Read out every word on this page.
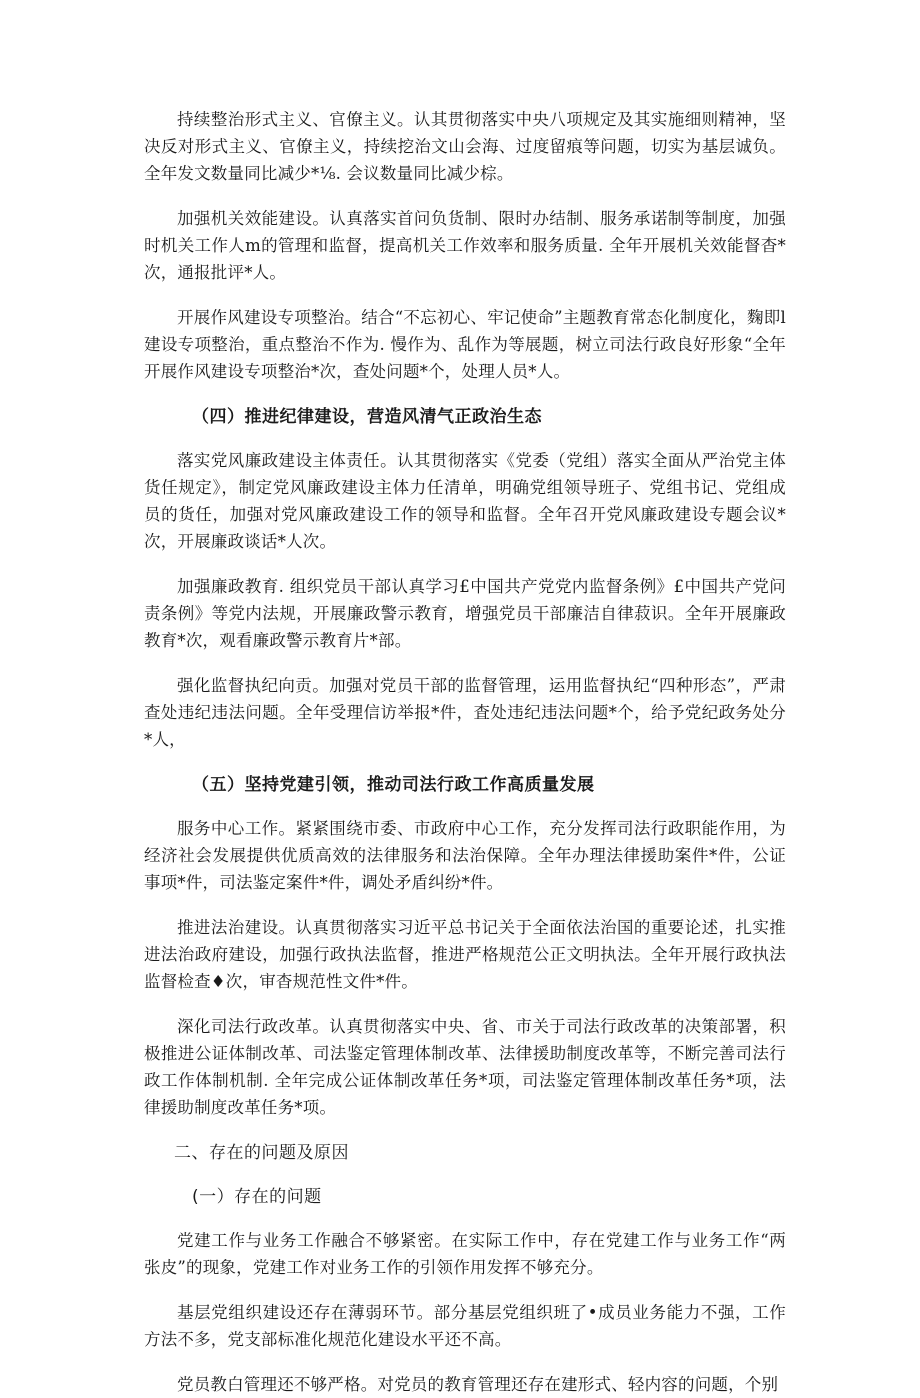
持续整治形式主义、官僚主义。认其贯彻落实中央八项规定及其实施细则精神，坚决反对形式主义、官僚主义，持续挖治文山会海、过度留痕等问题，切实为基层诚负。全年发文数量同比减少*⅛. 会议数量同比减少棕。

加强机关效能建设。认真落实首问负货制、限时办结制、服务承诺制等制度，加强时机关工作人m的管理和监督，提高机关工作效率和服务质量. 全年开展机关效能督杳*次，通报批评*人。

开展作风建设专项整治。结合“不忘初心、牢记使命”主题教育常态化制度化，麴即l建设专项整治，重点整治不作为. 慢作为、乱作为等展题，树立司法行政良好形象“全年开展作风建设专项整治*次，查处问题*个，处理人员*人。

（四）推进纪律建设，营造风清气正政治生态

落实党风廉政建设主体责任。认其贯彻落实《党委（党组）落实全面从严治党主体货任规定》，制定党风廉政建设主体力任清单，明确党组领导班子、党组书记、党组成员的货任，加强对党风廉政建设工作的领导和监督。全年召开党风廉政建设专题会议*次，开展廉政谈话*人次。

加强廉政教育. 组织党员干部认真学习£中国共产党党内监督条例》£中国共产党问责条例》等党内法规，开展廉政警示教育，增强党员干部廉洁自律菽识。全年开展廉政教育*次，观看廉政警示教育片*部。

强化监督执纪向贡。加强对党员干部的监督管理，运用监督执纪“四种形态”，严肃查处违纪违法问题。全年受理信访举报*件，査处违纪违法问题*个，给予党纪政务处分*人，

（五）坚持党建引领，推动司法行政工作高质量发展

服务中心工作。紧紧围绕市委、市政府中心工作，充分发挥司法行政职能作用，为经济社会发展提供优质高效的法律服务和法治保障。全年办理法律援助案件*件，公证事项*件，司法鉴定案件*件，调处矛盾纠纷*件。

推进法治建设。认真贯彻落实习近平总书记关于全面依法治国的重要论述，扎实推进法治政府建设，加强行政执法监督，推进严格规范公正文明执法。全年开展行政执法监督检查♦次，审杳规范性文件*件。

深化司法行政改革。认真贯彻落实中央、省、市关于司法行政改革的决策部署，积极推进公证体制改革、司法鉴定管理体制改革、法律援助制度改革等，不断完善司法行政工作体制机制. 全年完成公证体制改革任务*项，司法鉴定管理体制改革任务*项，法律援助制度改革任务*项。

二、存在的问题及原因
(一）存在的问题

党建工作与业务工作融合不够紧密。在实际工作中，存在党建工作与业务工作“两张皮”的现象，党建工作对业务工作的引领作用发挥不够充分。

基层党组织建设还存在薄弱环节。部分基层党组织班了•成员业务能力不强，工作方法不多，党支部标准化规范化建设水平还不高。

党员教白管理还不够严格。对党员的教育管理还存在建形式、轻内容的问题，个别
